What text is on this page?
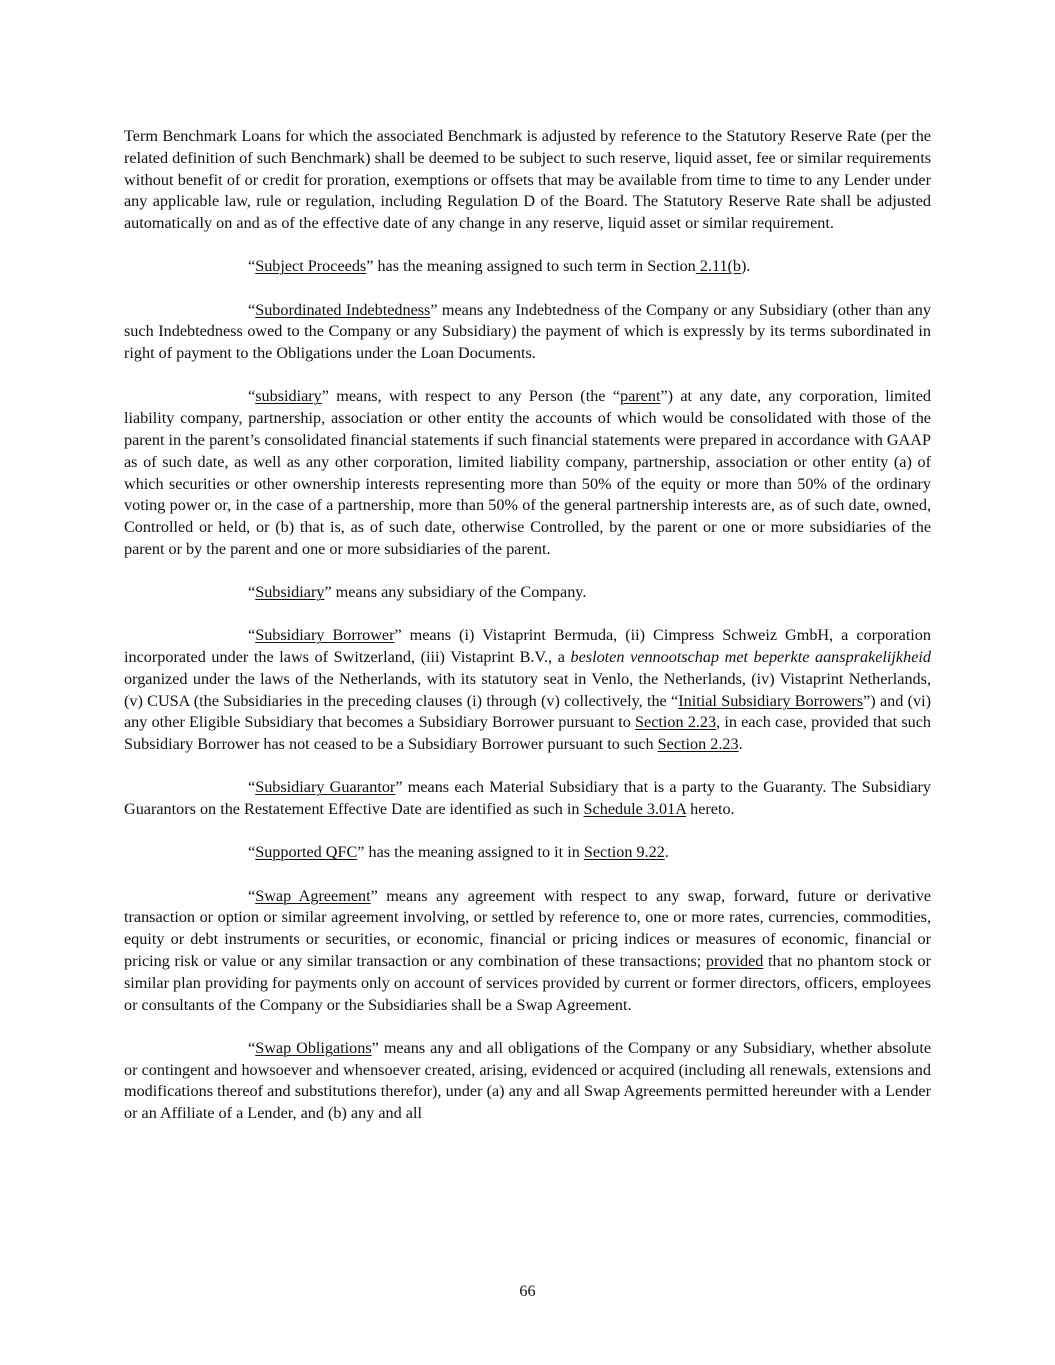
Term Benchmark Loans for which the associated Benchmark is adjusted by reference to the Statutory Reserve Rate (per the related definition of such Benchmark) shall be deemed to be subject to such reserve, liquid asset, fee or similar requirements without benefit of or credit for proration, exemptions or offsets that may be available from time to time to any Lender under any applicable law, rule or regulation, including Regulation D of the Board. The Statutory Reserve Rate shall be adjusted automatically on and as of the effective date of any change in any reserve, liquid asset or similar requirement.

“Subject Proceeds” has the meaning assigned to such term in Section 2.11(b).

“Subordinated Indebtedness” means any Indebtedness of the Company or any Subsidiary (other than any such Indebtedness owed to the Company or any Subsidiary) the payment of which is expressly by its terms subordinated in right of payment to the Obligations under the Loan Documents.

“subsidiary” means, with respect to any Person (the “parent”) at any date, any corporation, limited liability company, partnership, association or other entity the accounts of which would be consolidated with those of the parent in the parent’s consolidated financial statements if such financial statements were prepared in accordance with GAAP as of such date, as well as any other corporation, limited liability company, partnership, association or other entity (a) of which securities or other ownership interests representing more than 50% of the equity or more than 50% of the ordinary voting power or, in the case of a partnership, more than 50% of the general partnership interests are, as of such date, owned, Controlled or held, or (b) that is, as of such date, otherwise Controlled, by the parent or one or more subsidiaries of the parent or by the parent and one or more subsidiaries of the parent.

“Subsidiary” means any subsidiary of the Company.

“Subsidiary Borrower” means (i) Vistaprint Bermuda, (ii) Cimpress Schweiz GmbH, a corporation incorporated under the laws of Switzerland, (iii) Vistaprint B.V., a besloten vennootschap met beperkte aansprakelijkheid organized under the laws of the Netherlands, with its statutory seat in Venlo, the Netherlands, (iv) Vistaprint Netherlands, (v) CUSA (the Subsidiaries in the preceding clauses (i) through (v) collectively, the “Initial Subsidiary Borrowers”) and (vi) any other Eligible Subsidiary that becomes a Subsidiary Borrower pursuant to Section 2.23, in each case, provided that such Subsidiary Borrower has not ceased to be a Subsidiary Borrower pursuant to such Section 2.23.

“Subsidiary Guarantor” means each Material Subsidiary that is a party to the Guaranty. The Subsidiary Guarantors on the Restatement Effective Date are identified as such in Schedule 3.01A hereto.

“Supported QFC” has the meaning assigned to it in Section 9.22.

“Swap Agreement” means any agreement with respect to any swap, forward, future or derivative transaction or option or similar agreement involving, or settled by reference to, one or more rates, currencies, commodities, equity or debt instruments or securities, or economic, financial or pricing indices or measures of economic, financial or pricing risk or value or any similar transaction or any combination of these transactions; provided that no phantom stock or similar plan providing for payments only on account of services provided by current or former directors, officers, employees or consultants of the Company or the Subsidiaries shall be a Swap Agreement.

“Swap Obligations” means any and all obligations of the Company or any Subsidiary, whether absolute or contingent and howsoever and whensoever created, arising, evidenced or acquired (including all renewals, extensions and modifications thereof and substitutions therefor), under (a) any and all Swap Agreements permitted hereunder with a Lender or an Affiliate of a Lender, and (b) any and all

66
